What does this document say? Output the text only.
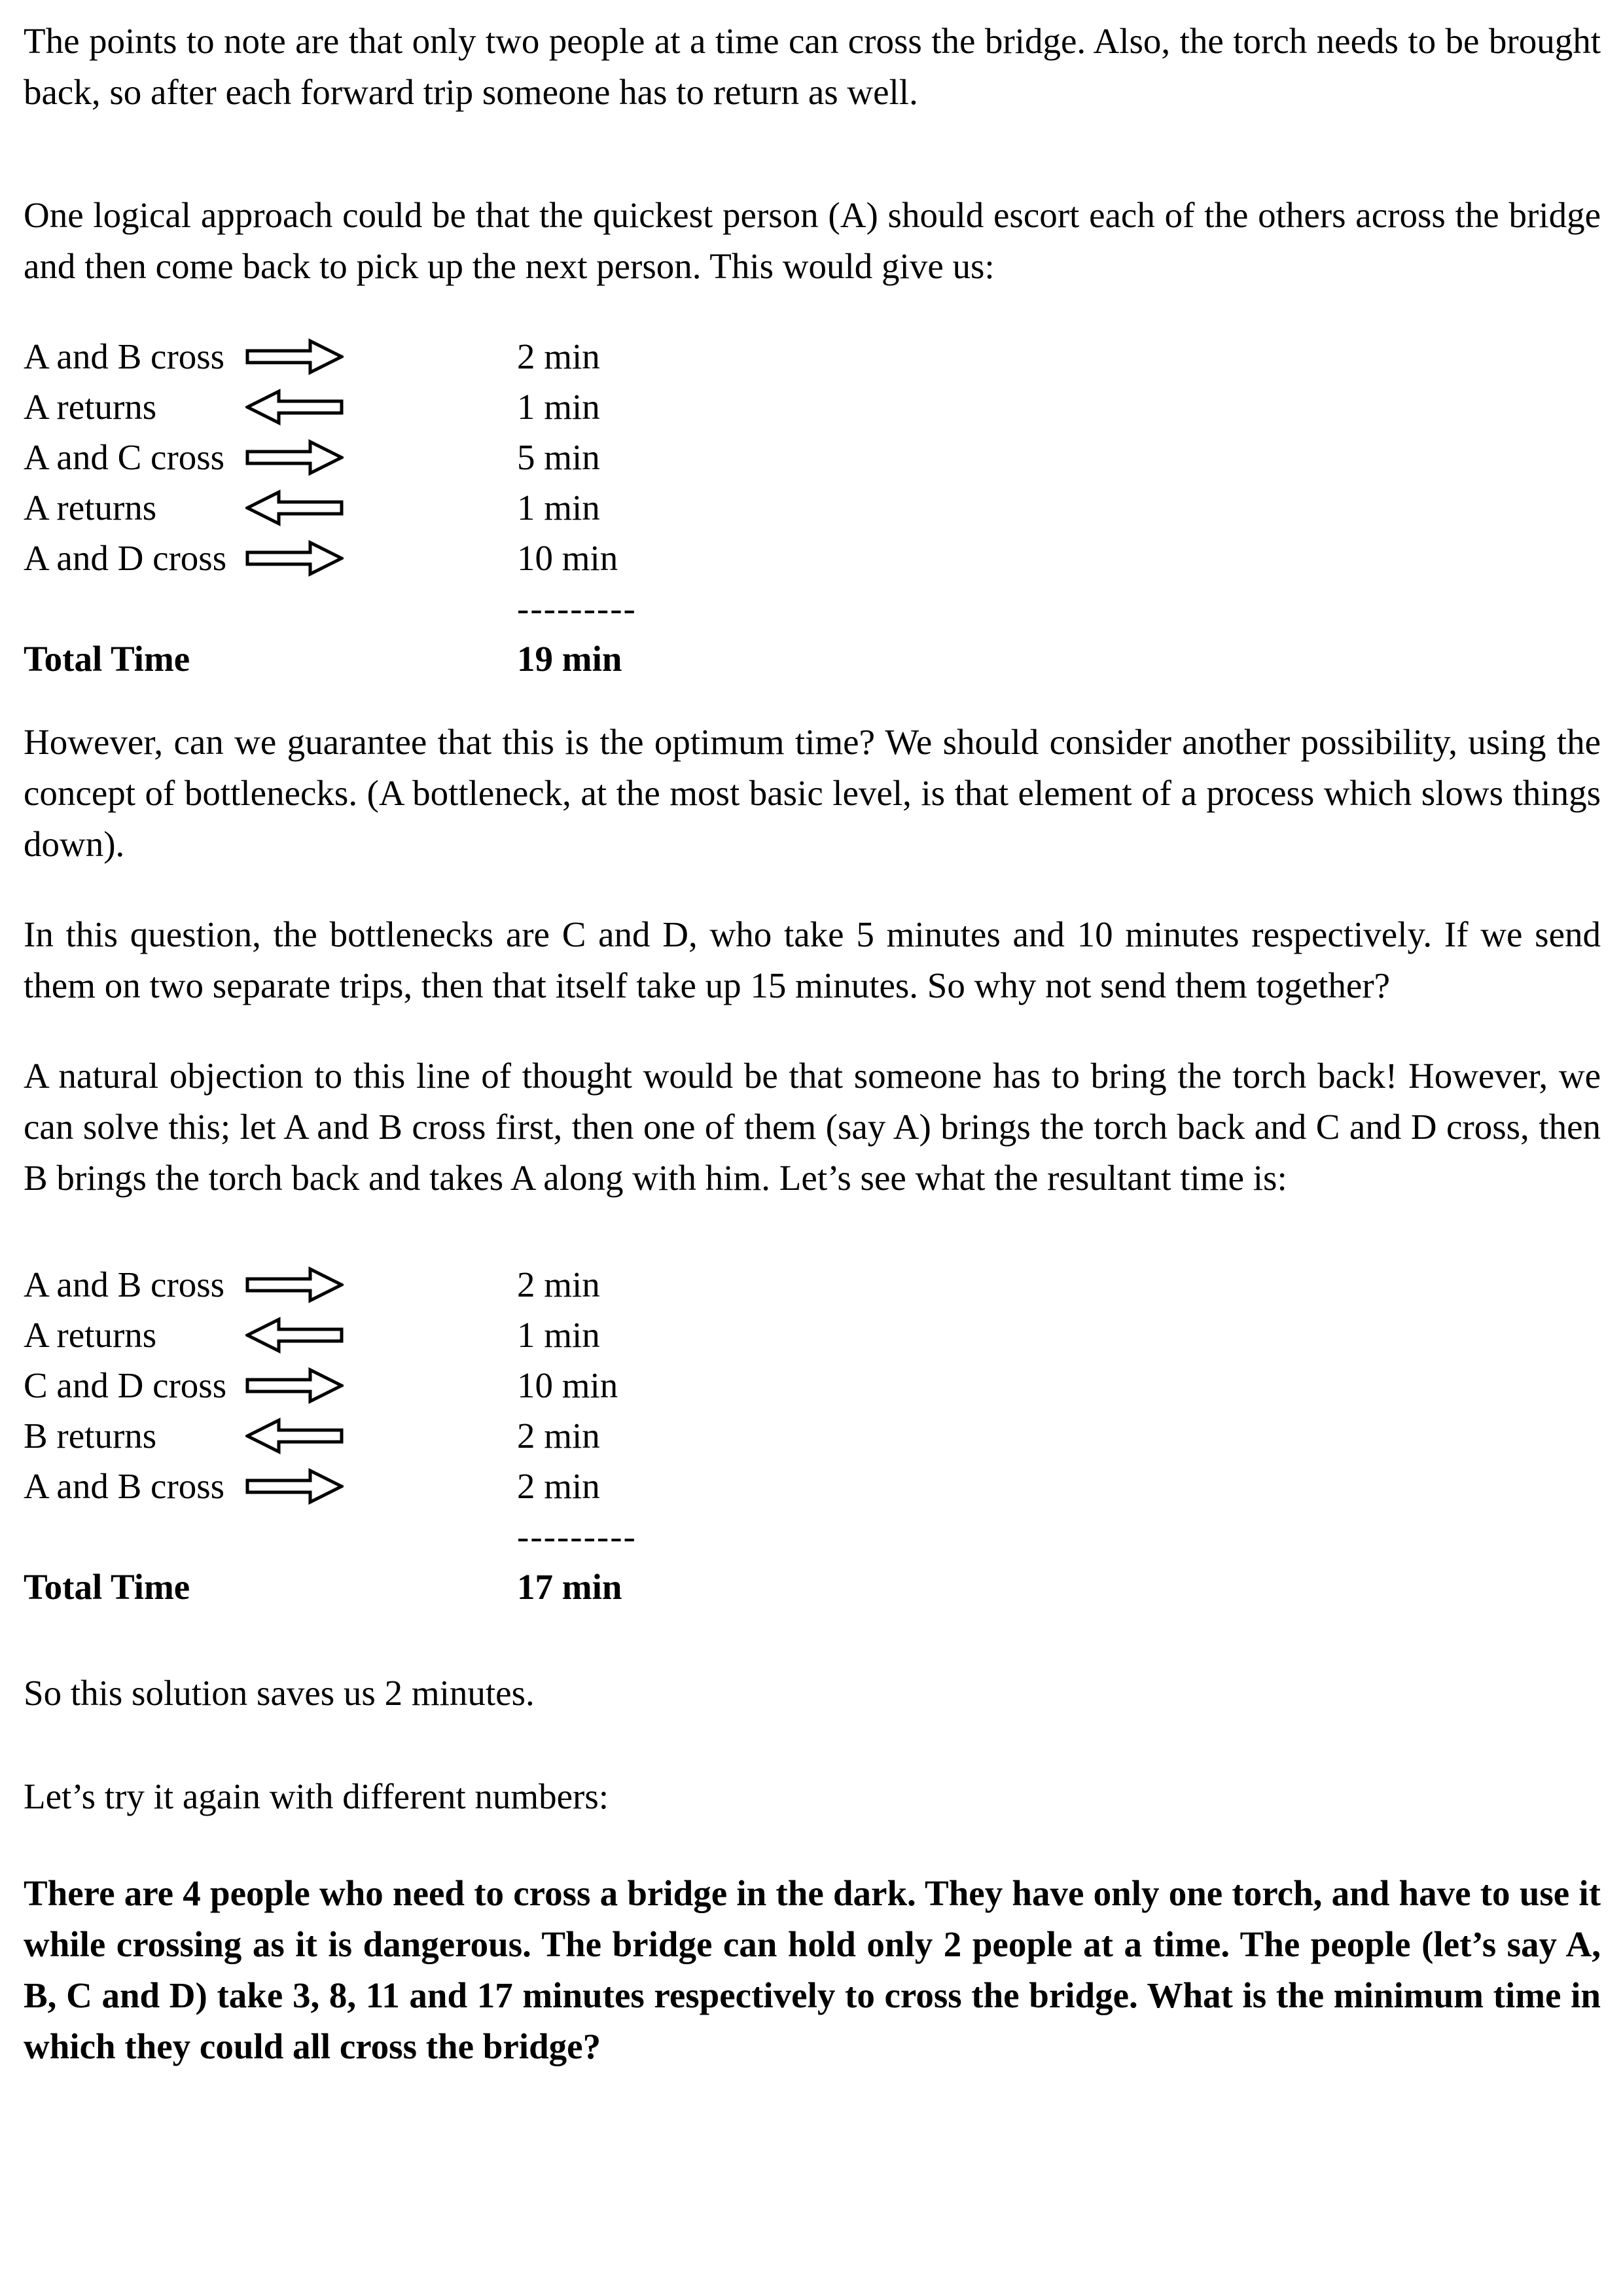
The points to note are that only two people at a time can cross the bridge. Also, the torch needs to be brought back, so after each forward trip someone has to return as well.

One logical approach could be that the quickest person (A) should escort each of the others across the bridge and then come back to pick up the next person. This would give us:

A and B cross	2 min
A returns	1 min
A and C cross	5 min
A returns	1 min
A and D cross	10 min
---------
Total Time	19 min

However, can we guarantee that this is the optimum time? We should consider another possibility, using the concept of bottlenecks. (A bottleneck, at the most basic level, is that element of a process which slows things down).

In this question, the bottlenecks are C and D, who take 5 minutes and 10 minutes respectively. If we send them on two separate trips, then that itself take up 15 minutes. So why not send them together?

A natural objection to this line of thought would be that someone has to bring the torch back! However, we can solve this; let A and B cross first, then one of them (say A) brings the torch back and C and D cross, then B brings the torch back and takes A along with him. Let’s see what the resultant time is:

A and B cross	2 min
A returns	1 min
C and D cross	10 min
B returns	2 min
A and B cross	2 min
---------
Total Time	17 min

So this solution saves us 2 minutes.

Let’s try it again with different numbers:

There are 4 people who need to cross a bridge in the dark. They have only one torch, and have to use it while crossing as it is dangerous. The bridge can hold only 2 people at a time. The people (let’s say A, B, C and D) take 3, 8, 11 and 17 minutes respectively to cross the bridge. What is the minimum time in which they could all cross the bridge?
